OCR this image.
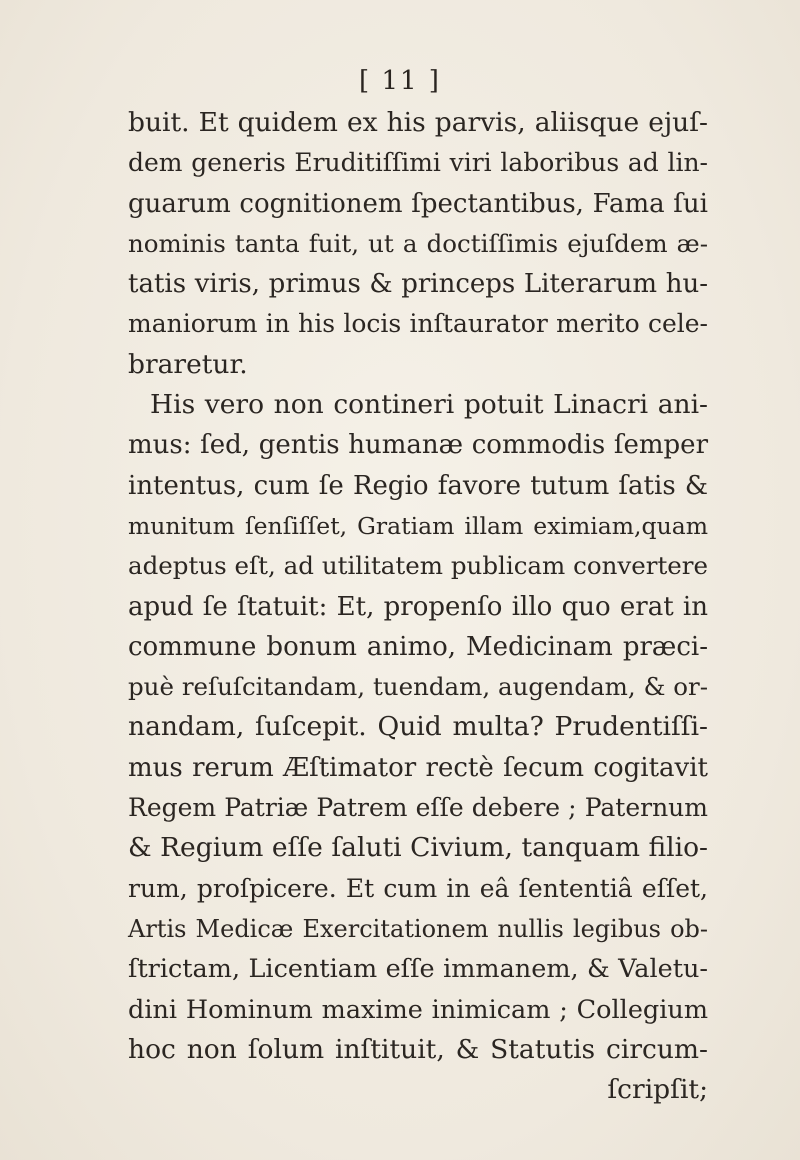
[ 11 ]
buit. Et quidem ex his parvis, aliisque ejuſ-
dem generis Eruditiſſimi viri laboribus ad lin-
guarum cognitionem ſpectantibus, Fama ſui
nominis tanta fuit, ut a doctiſſimis ejuſdem æ-
tatis viris, primus & princeps Literarum hu-
maniorum in his locis inſtaurator merito cele-
braretur.
His vero non contineri potuit Linacri ani-
mus: ſed, gentis humanæ commodis ſemper
intentus, cum ſe Regio favore tutum ſatis &
munitum ſenſiſſet, Gratiam illam eximiam,quam
adeptus eſt, ad utilitatem publicam convertere
apud ſe ſtatuit: Et, propenſo illo quo erat in
commune bonum animo, Medicinam præci-
puè reſuſcitandam, tuendam, augendam, & or-
nandam, ſuſcepit. Quid multa? Prudentiſſi-
mus rerum Æſtimator rectè ſecum cogitavit
Regem Patriæ Patrem eſſe debere ; Paternum
& Regium eſſe ſaluti Civium, tanquam filio-
rum, proſpicere. Et cum in eâ ſententiâ eſſet,
Artis Medicæ Exercitationem nullis legibus ob-
ſtrictam, Licentiam eſſe immanem, & Valetu-
dini Hominum maxime inimicam ; Collegium
hoc non ſolum inſtituit, & Statutis circum-
ſcripſit;
